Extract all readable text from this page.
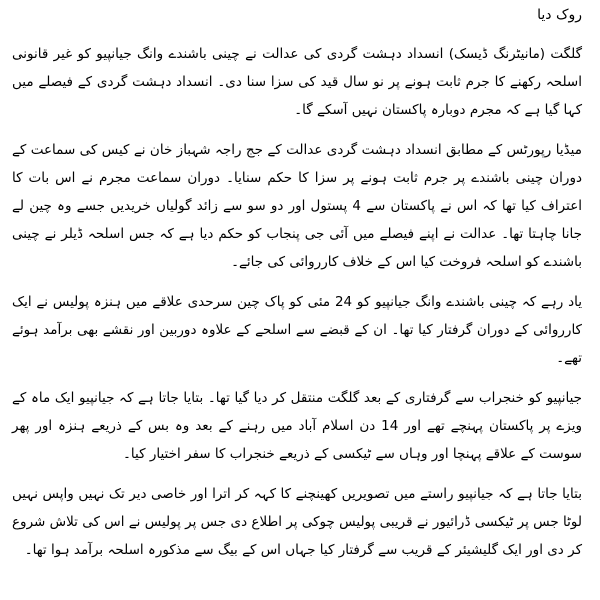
روک دیا

گلگت (مانیٹرنگ ڈیسک) انسداد دہشت گردی کی عدالت نے چینی باشندے وانگ جیانپیو کو غیر قانونی اسلحہ رکھنے کا جرم ثابت ہونے پر نو سال قید کی سزا سنا دی۔ انسداد دہشت گردی کے فیصلے میں کہا گیا ہے کہ مجرم دوبارہ پاکستان نہیں آسکے گا۔

میڈیا رپورٹس کے مطابق انسداد دہشت گردی عدالت کے جج راجہ شہباز خان نے کیس کی سماعت کے دوران چینی باشندے پر جرم ثابت ہونے پر سزا کا حکم سنایا۔ دوران سماعت مجرم نے اس بات کا اعتراف کیا تھا کہ اس نے پاکستان سے 4 پستول اور دو سو سے زائد گولیاں خریدیں جسے وہ چین لے جانا چاہتا تھا۔ عدالت نے اپنے فیصلے میں آئی جی پنجاب کو حکم دیا ہے کہ جس اسلحہ ڈیلر نے چینی باشندے کو اسلحہ فروخت کیا اس کے خلاف کارروائی کی جائے۔

یاد رہے کہ چینی باشندے وانگ جیانپیو کو 24 مئی کو پاک چین سرحدی علاقے میں ہنزہ پولیس نے ایک کارروائی کے دوران گرفتار کیا تھا۔ ان کے قبضے سے اسلحے کے علاوہ دوربین اور نقشے بھی برآمد ہوئے تھے۔

جیانپیو کو خنجراب سے گرفتاری کے بعد گلگت منتقل کر دیا گیا تھا۔ بتایا جاتا ہے کہ جیانپیو ایک ماہ کے ویزے پر پاکستان پہنچے تھے اور 14 دن اسلام آباد میں رہنے کے بعد وہ بس کے ذریعے ہنزہ اور پھر سوست کے علاقے پہنچا اور وہاں سے ٹیکسی کے ذریعے خنجراب کا سفر اختیار کیا۔

بتایا جاتا ہے کہ جیانپیو راستے میں تصویریں کھینچنے کا کہہ کر اترا اور خاصی دیر تک نہیں واپس نہیں لوٹا جس پر ٹیکسی ڈرائیور نے قریبی پولیس چوکی پر اطلاع دی جس پر پولیس نے اس کی تلاش شروع کر دی اور ایک گلیشیئر کے قریب سے گرفتار کیا جہاں اس کے بیگ سے مذکورہ اسلحہ برآمد ہوا تھا۔
